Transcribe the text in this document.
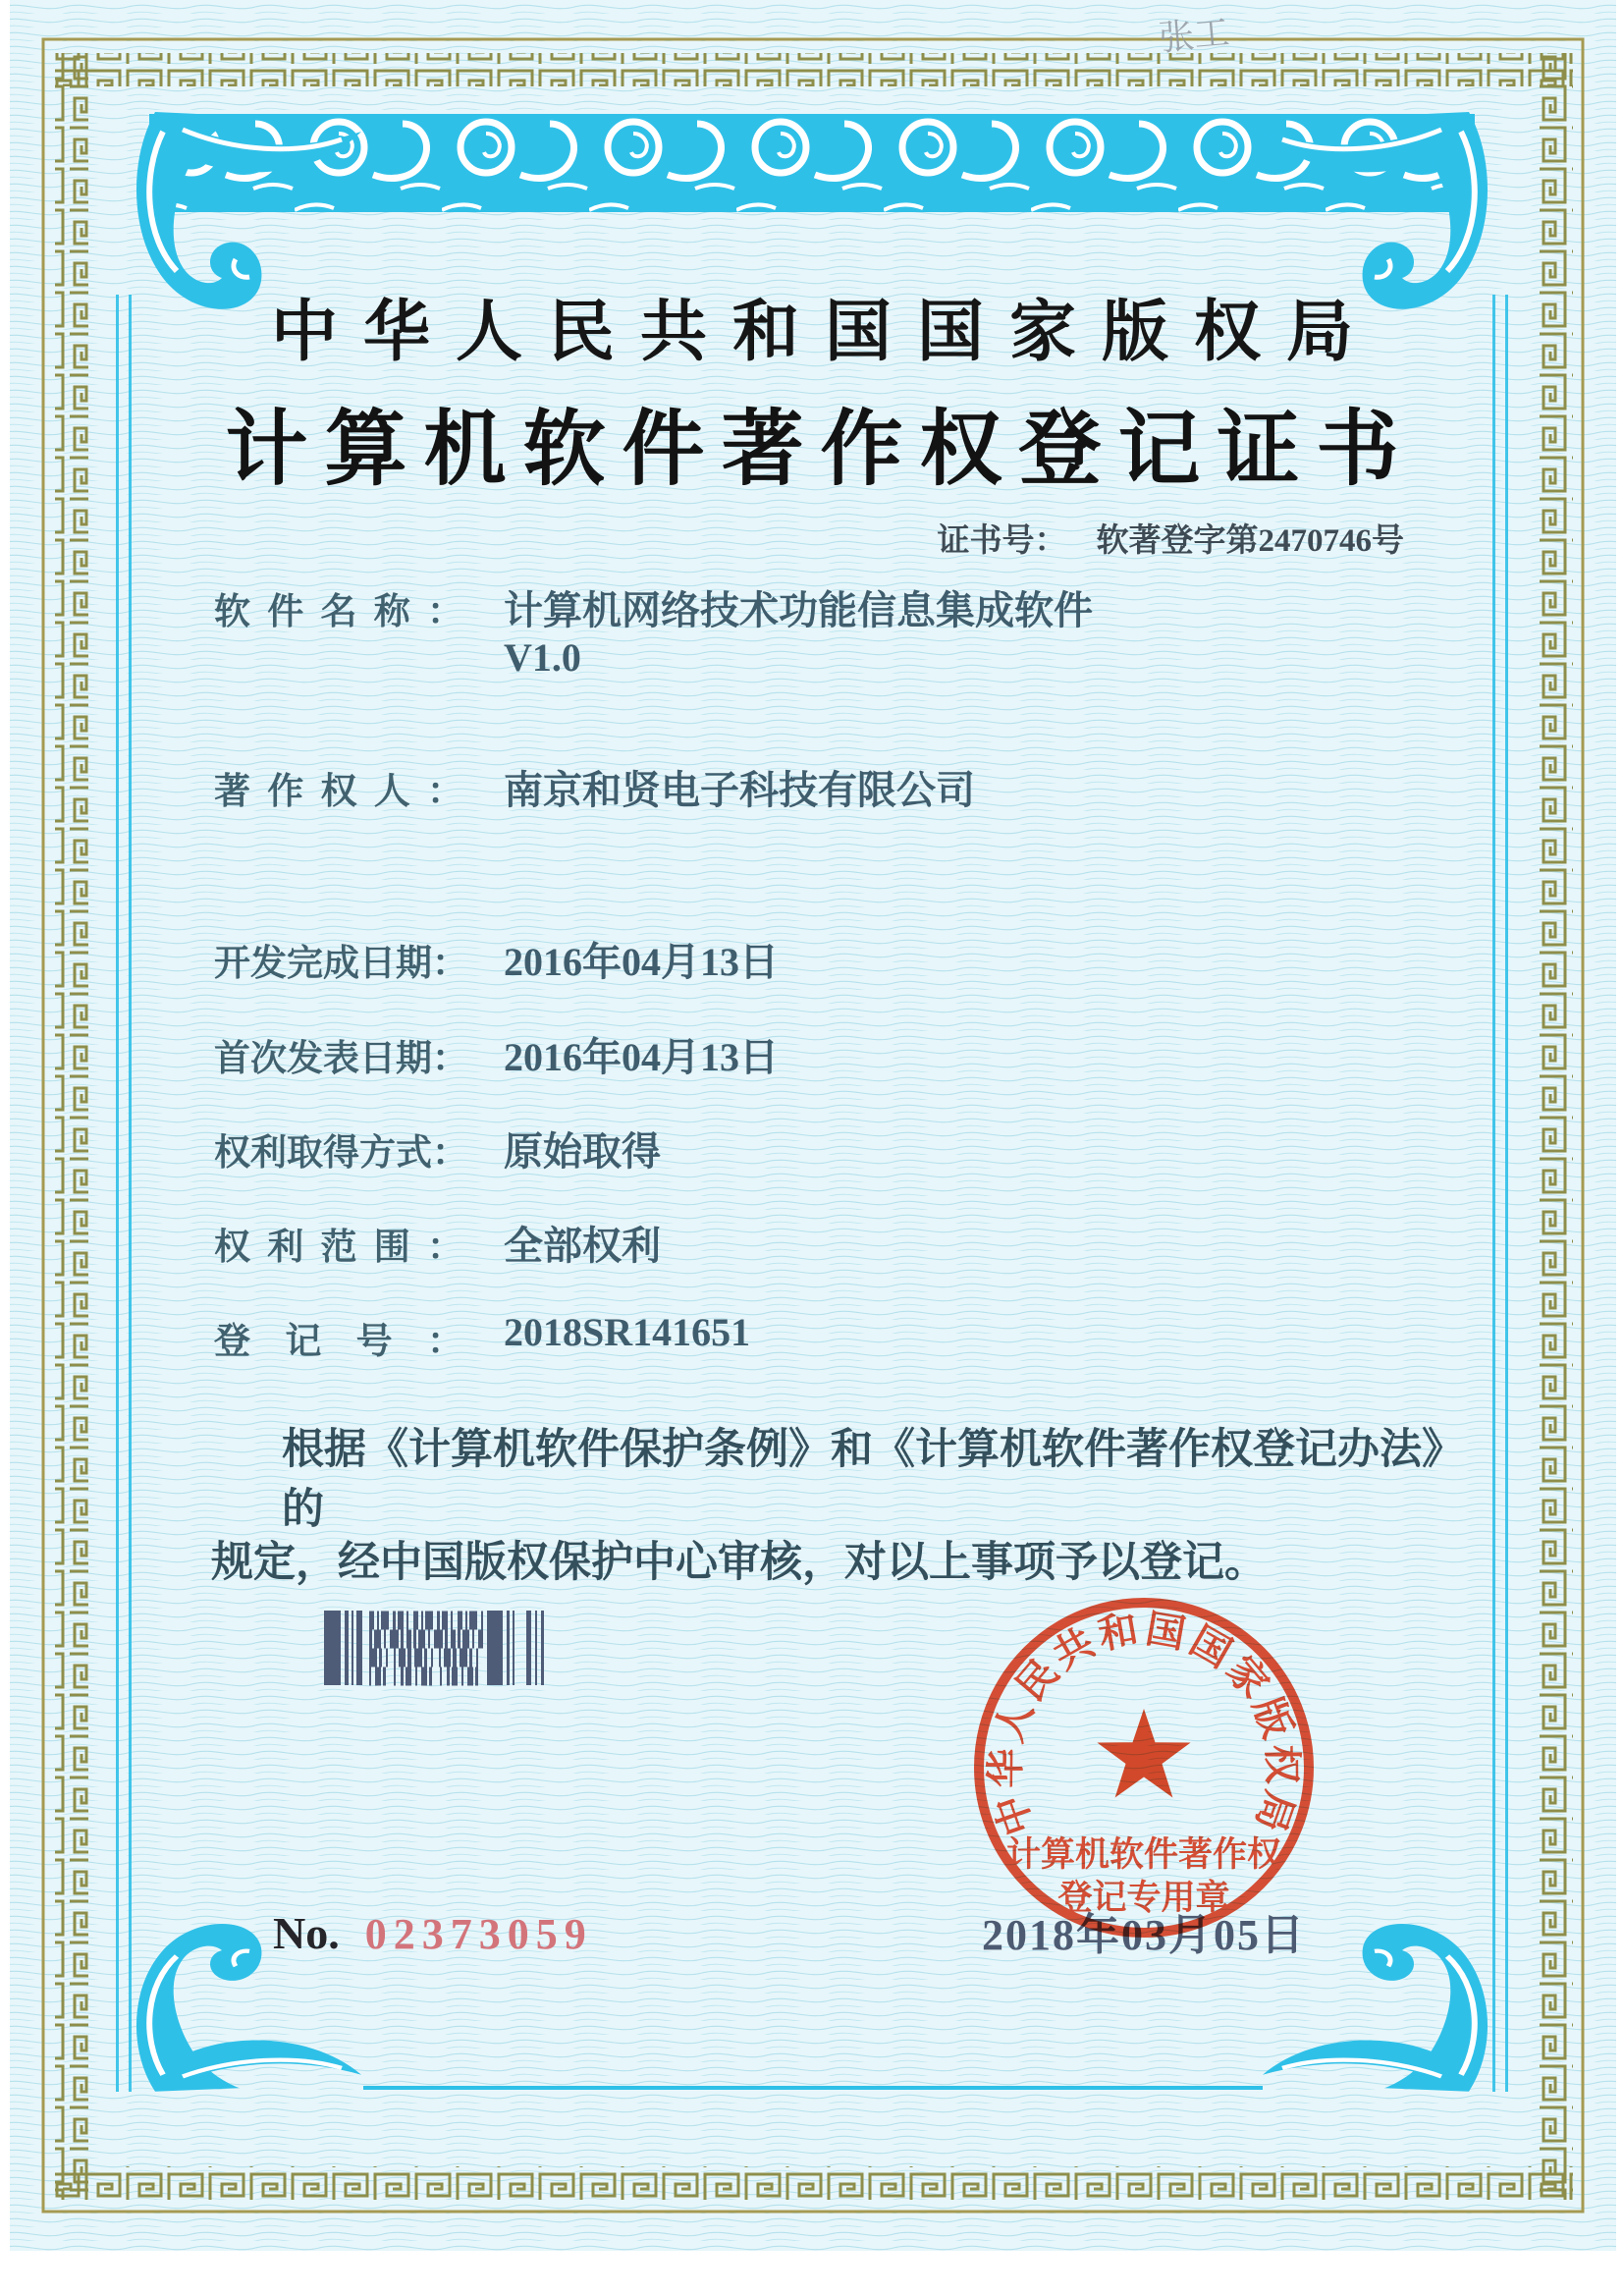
张工
中华人民共和国国家版权局
计算机软件著作权登记证书
证书号： 软著登字第2470746号
软件名称： 计算机网络技术功能信息集成软件
V1.0
著作权人： 南京和贤电子科技有限公司
开发完成日期： 2016年04月13日
首次发表日期： 2016年04月13日
权利取得方式： 原始取得
权利范围： 全部权利
登记号： 2018SR141651
根据《计算机软件保护条例》和《计算机软件著作权登记办法》的
规定，经中国版权保护中心审核，对以上事项予以登记。
2018年03月05日
中华人民共和国国家版权局
计算机软件著作权
登记专用章
No. 02373059
